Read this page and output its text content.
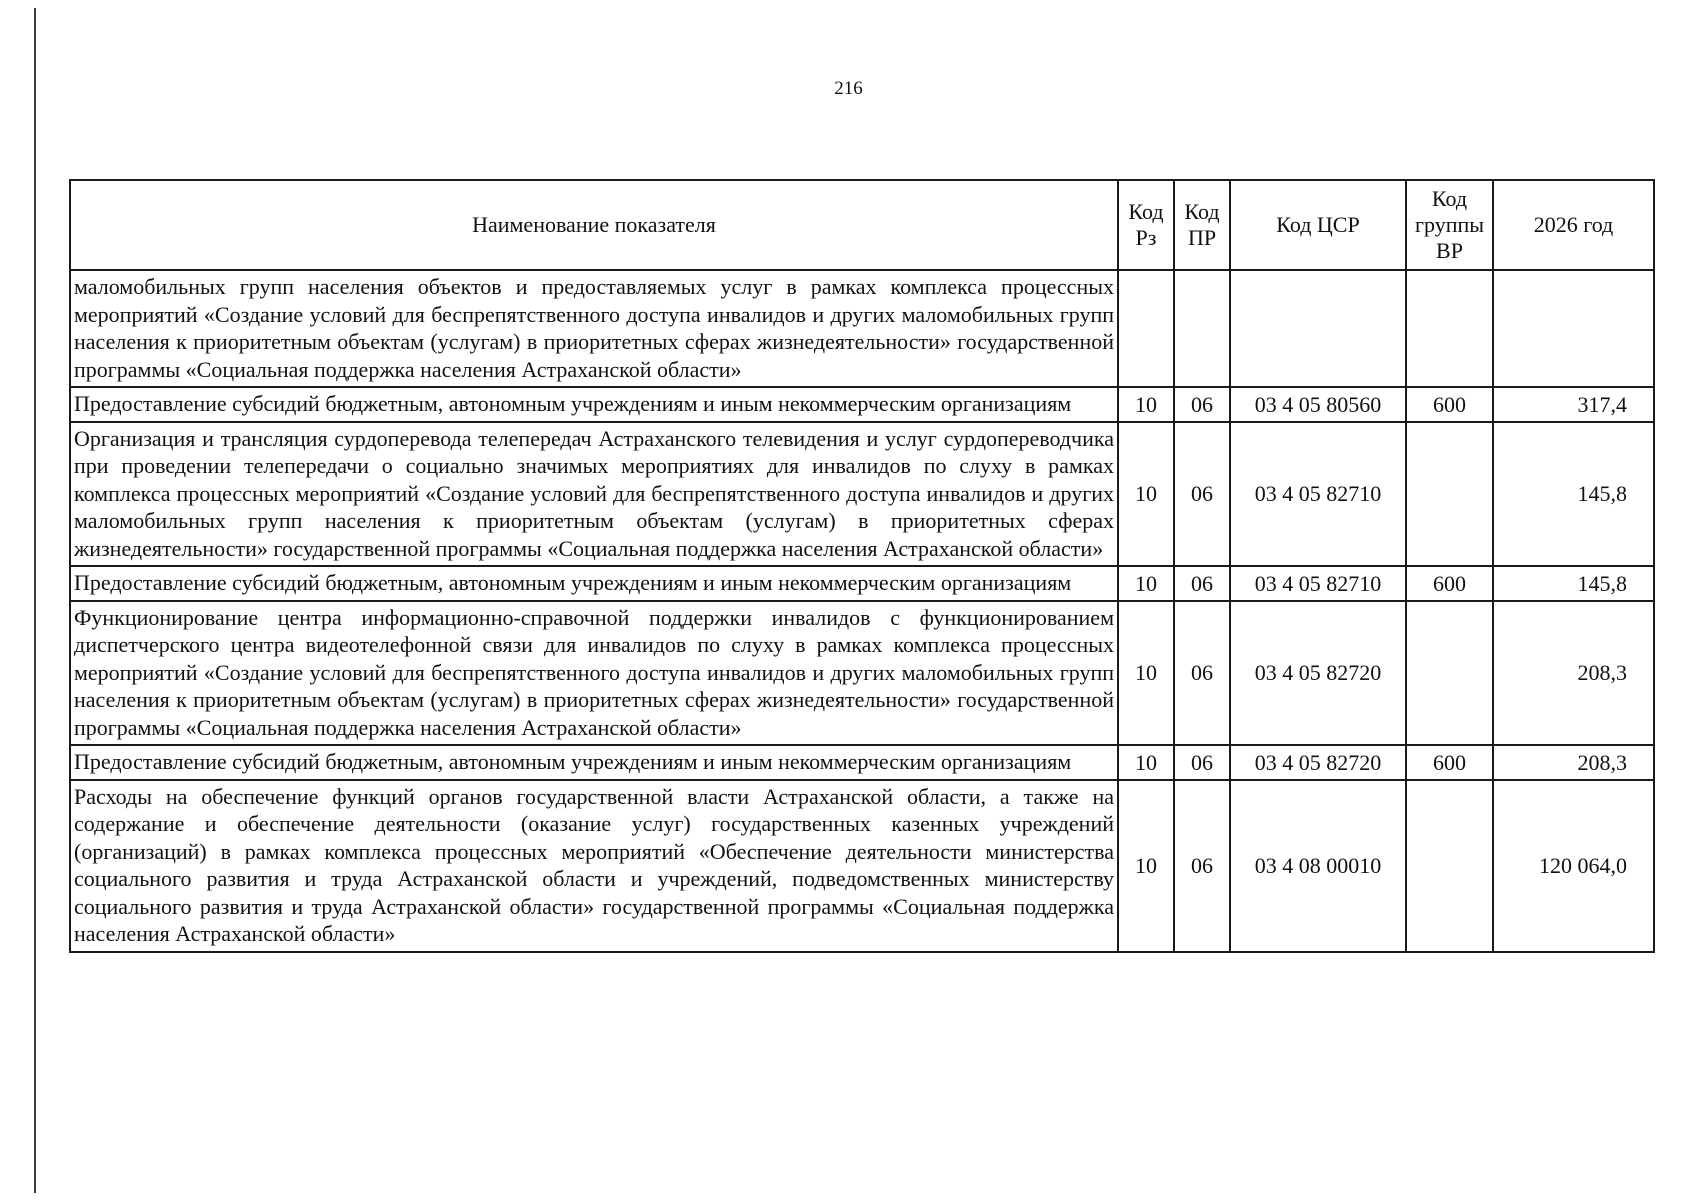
216
Наименование показателя	Код Рз	Код ПР	Код ЦСР	Код группы ВР	2026 год
маломобильных групп населения объектов и предоставляемых услуг в рамках комплекса процессных мероприятий «Создание условий для беспрепятственного доступа инвалидов и других маломобильных групп населения к приоритетным объектам (услугам) в приоритетных сферах жизнедеятельности» государственной программы «Социальная поддержка населения Астраханской области»					
Предоставление субсидий бюджетным, автономным учреждениям и иным некоммерческим организациям	10	06	03 4 05 80560	600	317,4
Организация и трансляция сурдоперевода телепередач Астраханского телевидения и услуг сурдопереводчика при проведении телепередачи о социально значимых мероприятиях для инвалидов по слуху в рамках комплекса процессных мероприятий «Создание условий для беспрепятственного доступа инвалидов и других маломобильных групп населения к приоритетным объектам (услугам) в приоритетных сферах жизнедеятельности» государственной программы «Социальная поддержка населения Астраханской области»	10	06	03 4 05 82710		145,8
Предоставление субсидий бюджетным, автономным учреждениям и иным некоммерческим организациям	10	06	03 4 05 82710	600	145,8
Функционирование центра информационно-справочной поддержки инвалидов с функционированием диспетчерского центра видеотелефонной связи для инвалидов по слуху в рамках комплекса процессных мероприятий «Создание условий для беспрепятственного доступа инвалидов и других маломобильных групп населения к приоритетным объектам (услугам) в приоритетных сферах жизнедеятельности» государственной программы «Социальная поддержка населения Астраханской области»	10	06	03 4 05 82720		208,3
Предоставление субсидий бюджетным, автономным учреждениям и иным некоммерческим организациям	10	06	03 4 05 82720	600	208,3
Расходы на обеспечение функций органов государственной власти Астраханской области, а также на содержание и обеспечение деятельности (оказание услуг) государственных казенных учреждений (организаций) в рамках комплекса процессных мероприятий «Обеспечение деятельности министерства социального развития и труда Астраханской области и учреждений, подведомственных министерству социального развития и труда Астраханской области» государственной программы «Социальная поддержка населения Астраханской области»	10	06	03 4 08 00010		120 064,0
